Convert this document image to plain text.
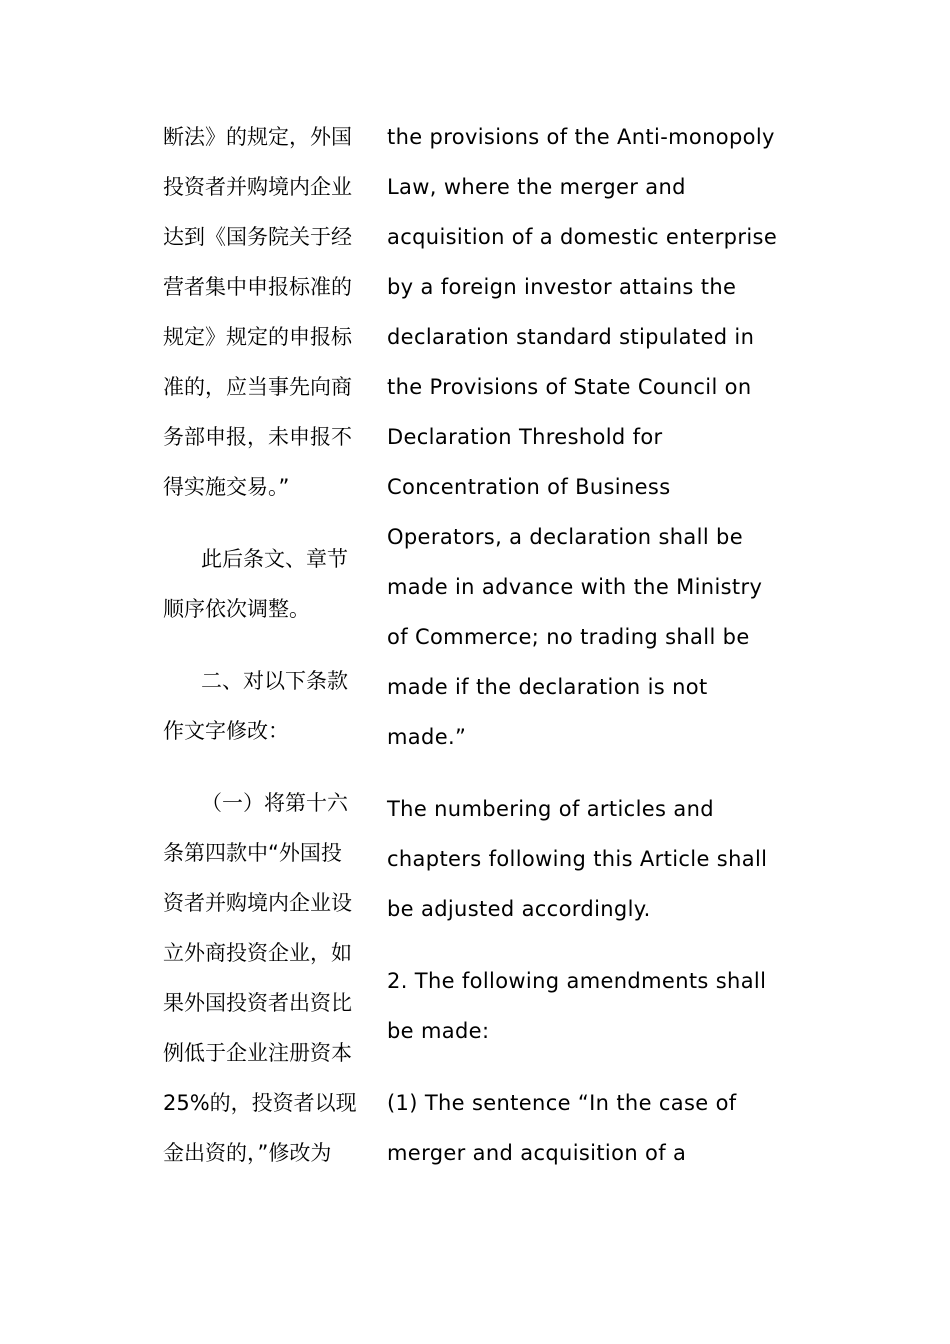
断法》的规定，外国
投资者并购境内企业
达到《国务院关于经
营者集中申报标准的
规定》规定的申报标
准的，应当事先向商
务部申报，未申报不
得实施交易。”
此后条文、章节
顺序依次调整。
二、对以下条款
作文字修改：
（一）将第十六
条第四款中“外国投
资者并购境内企业设
立外商投资企业，如
果外国投资者出资比
例低于企业注册资本
25%的，投资者以现
金出资的，”修改为
the provisions of the Anti-monopoly
Law, where the merger and
acquisition of a domestic enterprise
by a foreign investor attains the
declaration standard stipulated in
the Provisions of State Council on
Declaration Threshold for
Concentration of Business
Operators, a declaration shall be
made in advance with the Ministry
of Commerce; no trading shall be
made if the declaration is not
made.”
The numbering of articles and
chapters following this Article shall
be adjusted accordingly.
2. The following amendments shall
be made:
(1) The sentence “In the case of
merger and acquisition of a
